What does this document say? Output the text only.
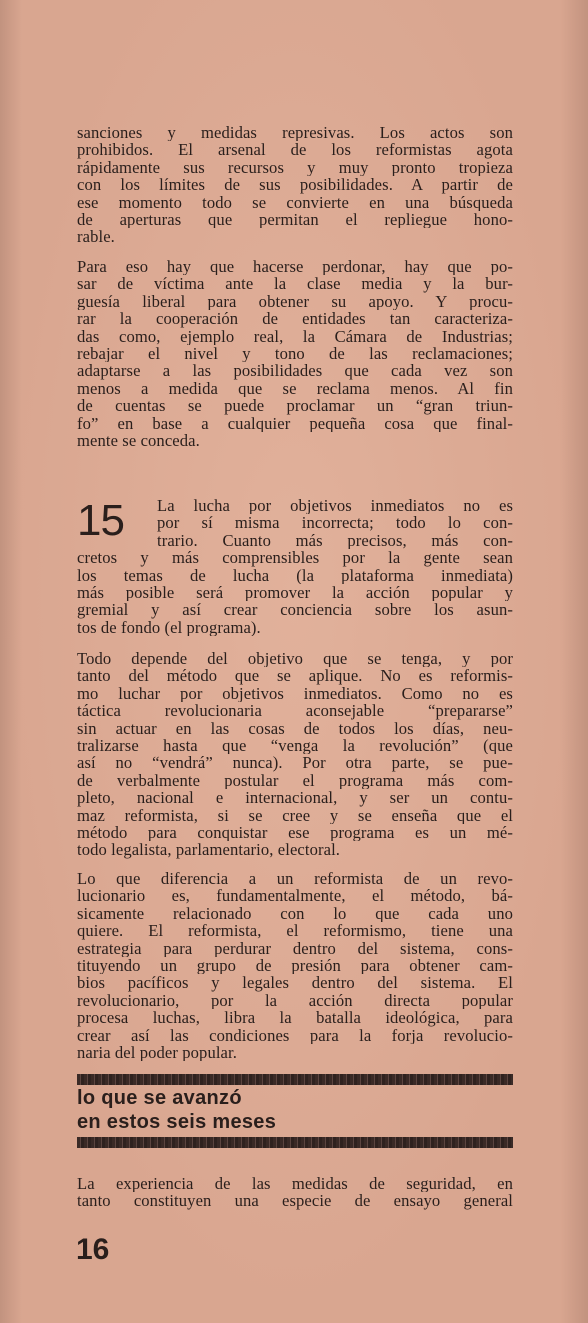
sanciones y medidas represivas. Los actos son
prohibidos. El arsenal de los reformistas agota
rápidamente sus recursos y muy pronto tropieza
con los límites de sus posibilidades. A partir de
ese momento todo se convierte en una búsqueda
de aperturas que permitan el repliegue hono-
rable.

Para eso hay que hacerse perdonar, hay que po-
sar de víctima ante la clase media y la bur-
guesía liberal para obtener su apoyo. Y procu-
rar la cooperación de entidades tan caracteriza-
das como, ejemplo real, la Cámara de Industrias;
rebajar el nivel y tono de las reclamaciones;
adaptarse a las posibilidades que cada vez son
menos a medida que se reclama menos. Al fin
de cuentas se puede proclamar un “gran triun-
fo” en base a cualquier pequeña cosa que final-
mente se conceda.

15	La lucha por objetivos inmediatos no es
por sí misma incorrecta; todo lo con-
trario. Cuanto más precisos, más con-
cretos y más comprensibles por la gente sean
los temas de lucha (la plataforma inmediata)
más posible será promover la acción popular y
gremial y así crear conciencia sobre los asun-
tos de fondo (el programa).

Todo depende del objetivo que se tenga, y por
tanto del método que se aplique. No es reformis-
mo luchar por objetivos inmediatos. Como no es
táctica revolucionaria aconsejable “prepararse”
sin actuar en las cosas de todos los días, neu-
tralizarse hasta que “venga la revolución” (que
así no “vendrá” nunca). Por otra parte, se pue-
de verbalmente postular el programa más com-
pleto, nacional e internacional, y ser un contu-
maz reformista, si se cree y se enseña que el
método para conquistar ese programa es un mé-
todo legalista, parlamentario, electoral.

Lo que diferencia a un reformista de un revo-
lucionario es, fundamentalmente, el método, bá-
sicamente relacionado con lo que cada uno
quiere. El reformista, el reformismo, tiene una
estrategia para perdurar dentro del sistema, cons-
tituyendo un grupo de presión para obtener cam-
bios pacíficos y legales dentro del sistema. El
revolucionario, por la acción directa popular
procesa luchas, libra la batalla ideológica, para
crear así las condiciones para la forja revolucio-
naria del poder popular.

lo que se avanzó
en estos seis meses

La experiencia de las medidas de seguridad, en
tanto constituyen una especie de ensayo general

16
